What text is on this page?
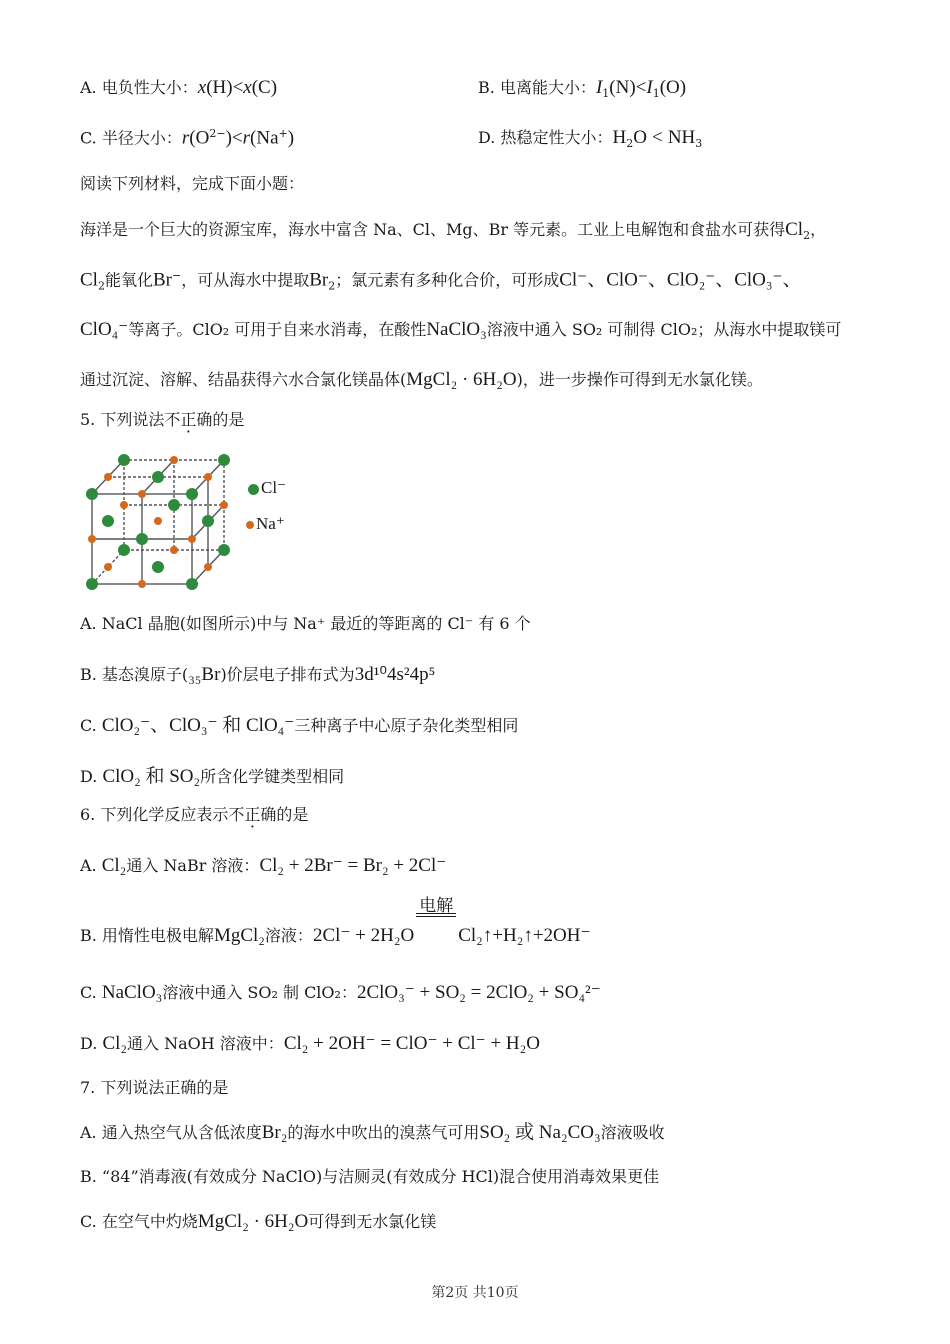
A. 电负性大小：x(H)<x(C)	B. 电离能大小：$I_1(N)<I_1(O)$
C. 半径大小：$r(O^{2-})<r(Na^+)$	D. 热稳定性大小：$H_2O < NH_3$
阅读下列材料，完成下面小题：
海洋是一个巨大的资源宝库，海水中富含 Na、Cl、Mg、Br 等元素。工业上电解饱和食盐水可获得$Cl_2$，
$Cl_2$能氧化Br−，可从海水中提取$Br_2$；氯元素有多种化合价，可形成Cl⁻、ClO⁻、ClO₂⁻、ClO₃⁻、
ClO₄⁻等离子。ClO₂ 可用于自来水消毒，在酸性NaClO₃溶液中通入 SO₂ 可制得 ClO₂；从海水中提取镁可
通过沉淀、溶解、结晶获得六水合氯化镁晶体(MgCl₂ · 6H₂O)，进一步操作可得到无水氯化镁。
5. 下列说法不正确的是
Cl⁻
Na⁺
A. NaCl 晶胞(如图所示)中与 Na⁺ 最近的等距离的 Cl⁻ 有 6 个
B. 基态溴原子(₃₅Br)价层电子排布式为3d¹⁰4s²4p⁵
C. ClO₂⁻、ClO₃⁻ 和 ClO₄⁻三种离子中心原子杂化类型相同
D. ClO₂ 和 SO₂所含化学键类型相同
6. 下列化学反应表示不正确的是
A. Cl₂通入 NaBr 溶液：Cl₂ + 2Br⁻ = Br₂ + 2Cl⁻
B. 用惰性电极电解MgCl₂溶液：2Cl⁻ + 2H₂O
电解
Cl₂↑+H₂↑+2OH⁻
C. NaClO₃溶液中通入 SO₂ 制 ClO₂：2ClO₃⁻ + SO₂ = 2ClO₂ + SO₄²⁻
D. Cl₂通入 NaOH 溶液中：Cl₂ + 2OH⁻ = ClO⁻ + Cl⁻ + H₂O
7. 下列说法正确的是
A. 通入热空气从含低浓度Br₂的海水中吹出的溴蒸气可用SO₂ 或 Na₂CO₃溶液吸收
B. “84”消毒液(有效成分 NaClO)与洁厕灵(有效成分 HCl)混合使用消毒效果更佳
C. 在空气中灼烧MgCl₂ · 6H₂O可得到无水氯化镁
第2页 共10页
